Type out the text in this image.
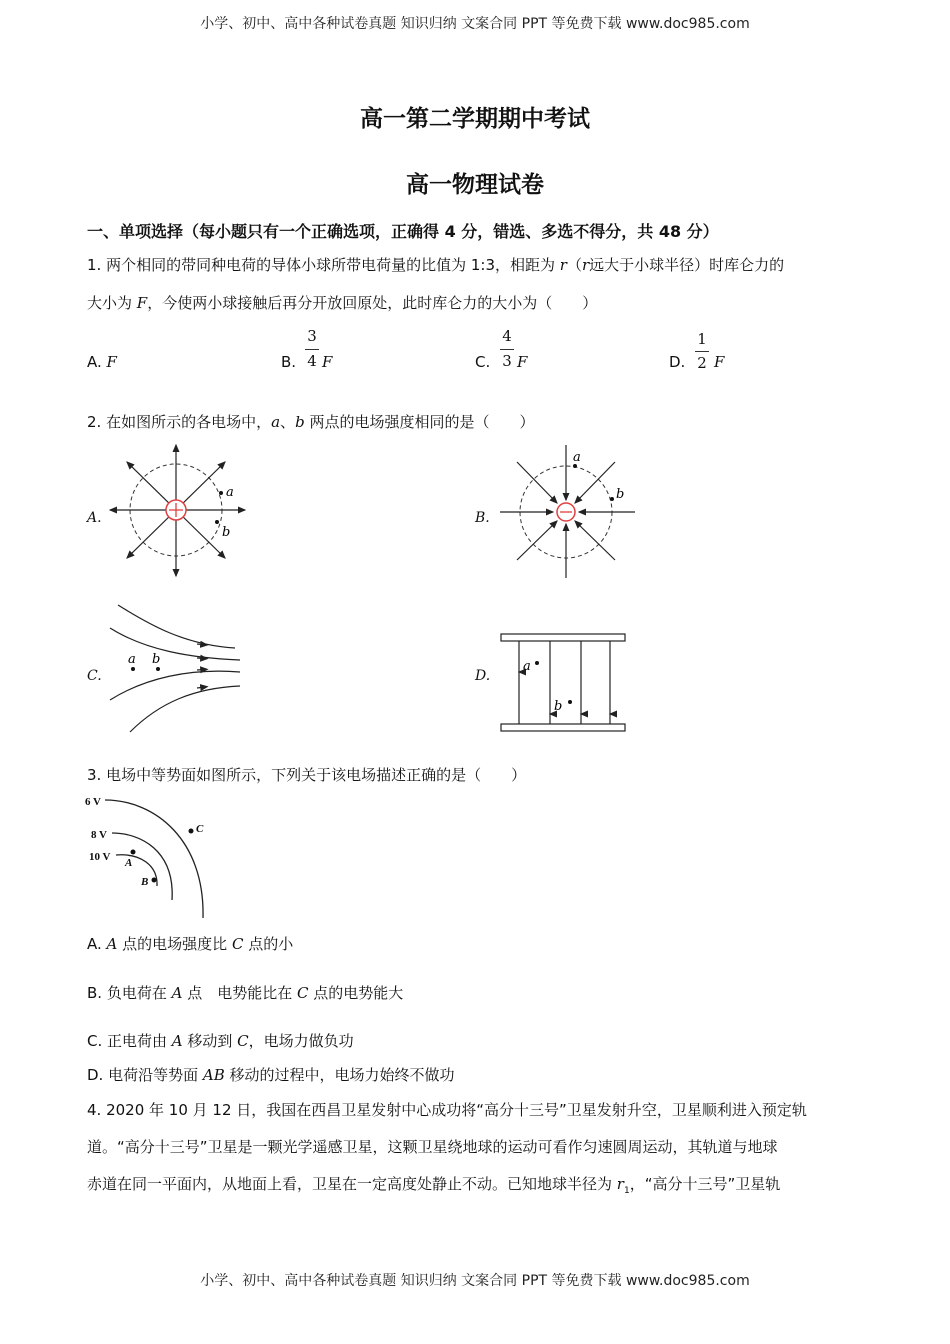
小学、初中、高中各种试卷真题 知识归纳 文案合同 PPT 等免费下载 www.doc985.com
高一第二学期期中考试
高一物理试卷
一、单项选择（每小题只有一个正确选项，正确得 4 分，错选、多选不得分，共 48 分）
1. 两个相同的带同种电荷的导体小球所带电荷量的比值为 1:3，相距为 r（r远大于小球半径）时库仑力的
大小为 F，今使两小球接触后再分开放回原处，此时库仑力的大小为（　　）
A. F	B.
3
4 F	C.
4
3 F	D.
1
2 F
2. 在如图所示的各电场中，a、b 两点的电场强度相同的是（　　）
A.	B.
C.	D.
a
b
a
b
a b	a
b
3. 电场中等势面如图所示，下列关于该电场描述正确的是（　　）
6 V
8 V
10 V A
B
C
A. A 点的电场强度比 C 点的小
B. 负电荷在 A 点　电势能比在 C 点的电势能大
C. 正电荷由 A 移动到 C，电场力做负功
D. 电荷沿等势面 AB 移动的过程中，电场力始终不做功
4. 2020 年 10 月 12 日，我国在西昌卫星发射中心成功将“高分十三号”卫星发射升空，卫星顺利进入预定轨
道。“高分十三号”卫星是一颗光学遥感卫星，这颗卫星绕地球的运动可看作匀速圆周运动，其轨道与地球
赤道在同一平面内，从地面上看，卫星在一定高度处静止不动。已知地球半径为 $r_1$，“高分十三号”卫星轨
小学、初中、高中各种试卷真题 知识归纳 文案合同 PPT 等免费下载 www.doc985.com
